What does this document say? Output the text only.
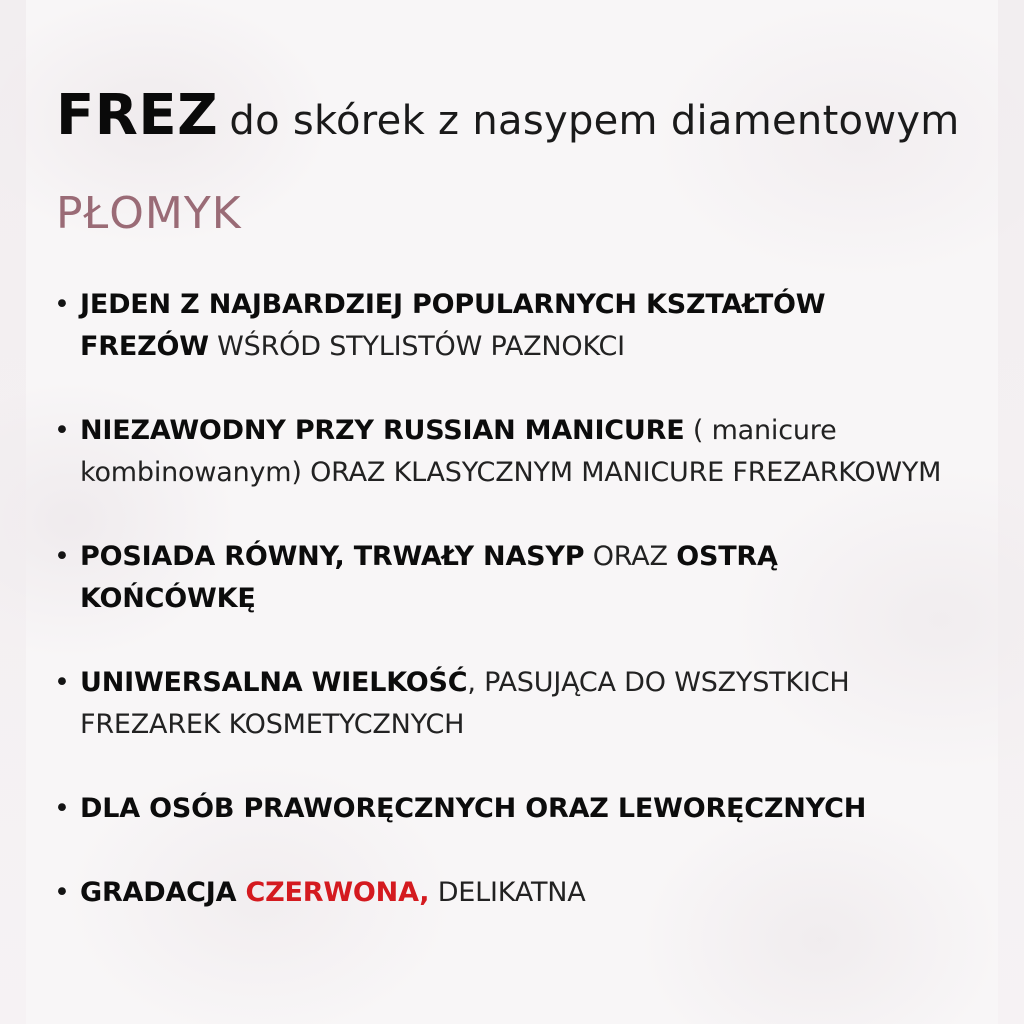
FREZ do skórek z nasypem diamentowym
PŁOMYK
• JEDEN Z NAJBARDZIEJ POPULARNYCH KSZTAŁTÓW FREZÓW WŚRÓD STYLISTÓW PAZNOKCI
• NIEZAWODNY PRZY RUSSIAN MANICURE ( manicure kombinowanym) ORAZ KLASYCZNYM MANICURE FREZARKOWYM
• POSIADA RÓWNY, TRWAŁY NASYP ORAZ OSTRĄ KOŃCÓWKĘ
• UNIWERSALNA WIELKOŚĆ, PASUJĄCA DO WSZYSTKICH FREZAREK KOSMETYCZNYCH
• DLA OSÓB PRAWORĘCZNYCH ORAZ LEWORĘCZNYCH
• GRADACJA CZERWONA, DELIKATNA
